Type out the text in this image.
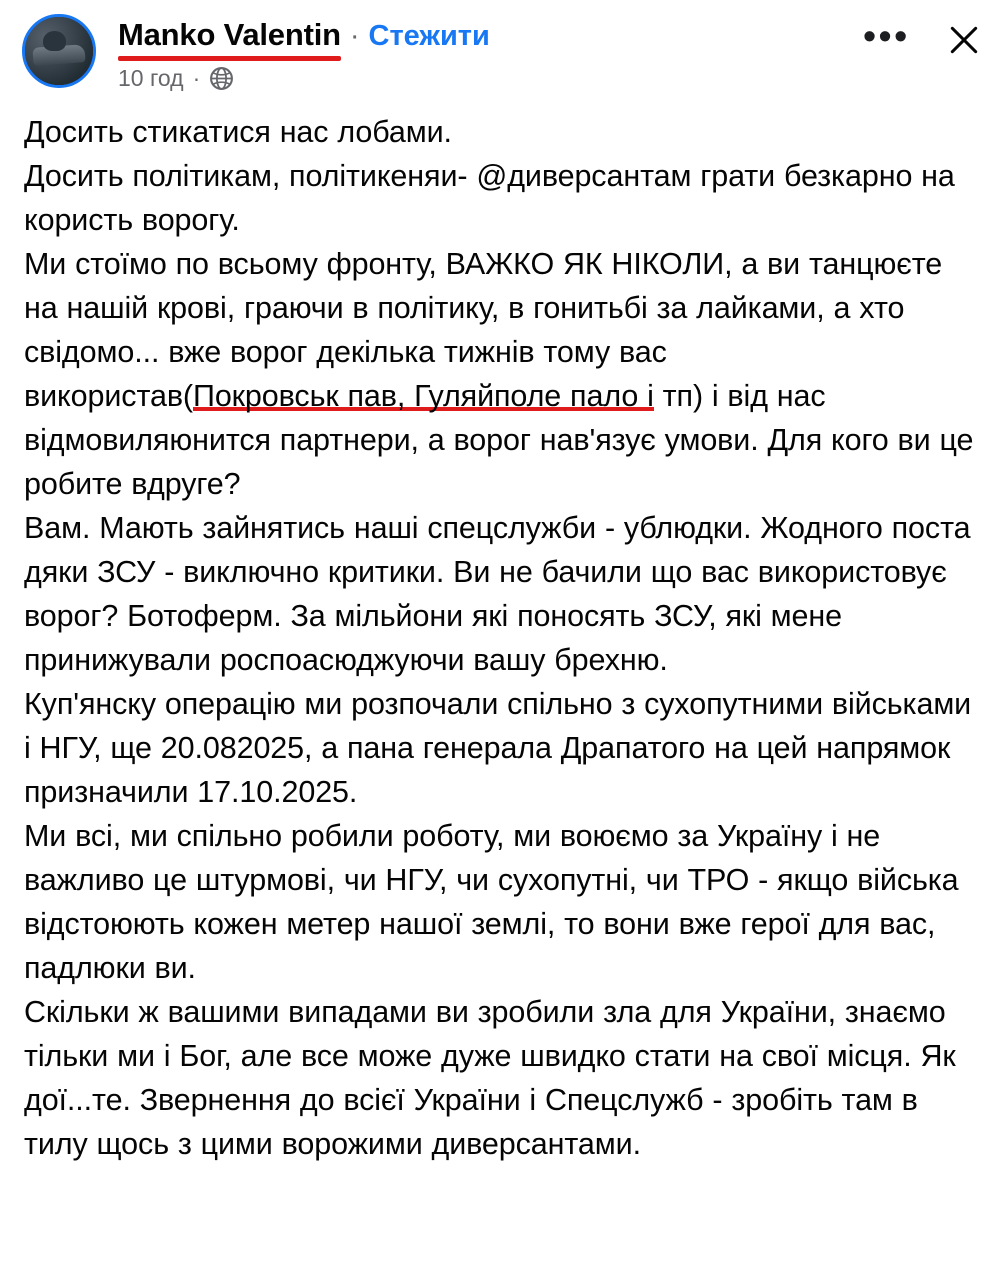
Manko Valentin · Стежити
10 год ·
•••

Досить стикатися нас лобами.

Досить політикам, політикеняи- @диверсантам грати безкарно на користь ворогу.

Ми стоїмо по всьому фронту, ВАЖКО ЯК НІКОЛИ, а ви танцюєте на нашій крові, граючи в політику, в гонитьбі за лайками, а хто свідомо... вже ворог декілька тижнів тому вас використав(Покровськ пав, Гуляйполе пало і тп) і від нас відмовиляюнится партнери, а ворог нав'язує умови. Для кого ви це робите вдруге?

Вам. Мають зайнятись наші спецслужби - ублюдки. Жодного поста дяки ЗСУ - виключно критики. Ви не бачили що вас використовує ворог? Ботоферм. За мільйони які поносять ЗСУ, які мене принижували роспоасюджуючи вашу брехню.

Куп'янску операцію ми розпочали спільно з сухопутними військами і НГУ, ще 20.082025, а пана генерала Драпатого на цей напрямок призначили 17.10.2025.

Ми всі, ми спільно робили роботу, ми воюємо за Україну і не важливо це штурмові, чи НГУ, чи сухопутні, чи ТРО - якщо війська відстоюють кожен метер нашої землі, то вони вже герої для вас, падлюки ви.

Скільки ж вашими випадами ви зробили зла для України, знаємо тільки ми і Бог, але все може дуже швидко стати на свої місця. Як дої...те. Звернення до всієї України і Спецслужб - зробіть там в тилу щось з цими ворожими диверсантами.
